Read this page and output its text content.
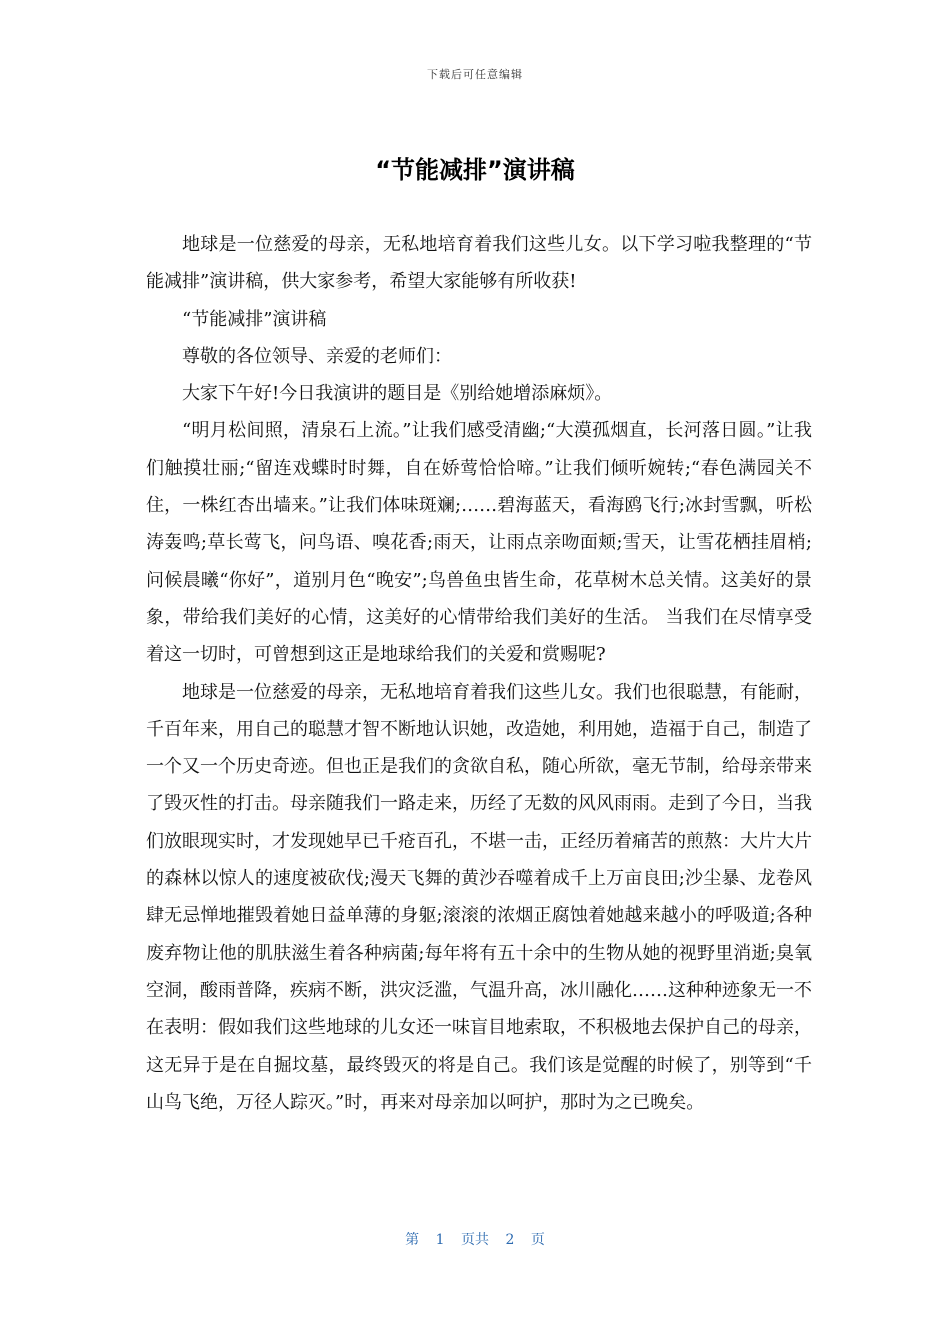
下载后可任意编辑
“节能减排”演讲稿

地球是一位慈爱的母亲，无私地培育着我们这些儿女。以下学习啦我整理的“节能减排”演讲稿，供大家参考，希望大家能够有所收获!

“节能减排”演讲稿

尊敬的各位领导、亲爱的老师们：

大家下午好!今日我演讲的题目是《别给她增添麻烦》。

“明月松间照，清泉石上流。”让我们感受清幽;“大漠孤烟直，长河落日圆。”让我们触摸壮丽;“留连戏蝶时时舞，自在娇莺恰恰啼。”让我们倾听婉转;“春色满园关不住，一株红杏出墙来。”让我们体味斑斓;……碧海蓝天，看海鸥飞行;冰封雪飘，听松涛轰鸣;草长莺飞，问鸟语、嗅花香;雨天，让雨点亲吻面颊;雪天，让雪花栖挂眉梢;问候晨曦“你好”，道别月色“晚安”;鸟兽鱼虫皆生命，花草树木总关情。这美好的景象，带给我们美好的心情，这美好的心情带给我们美好的生活。 当我们在尽情享受着这一切时，可曾想到这正是地球给我们的关爱和赏赐呢?

地球是一位慈爱的母亲，无私地培育着我们这些儿女。我们也很聪慧，有能耐，千百年来，用自己的聪慧才智不断地认识她，改造她，利用她，造福于自己，制造了一个又一个历史奇迹。但也正是我们的贪欲自私，随心所欲，毫无节制，给母亲带来了毁灭性的打击。母亲随我们一路走来，历经了无数的风风雨雨。走到了今日，当我们放眼现实时，才发现她早已千疮百孔，不堪一击，正经历着痛苦的煎熬：大片大片的森林以惊人的速度被砍伐;漫天飞舞的黄沙吞噬着成千上万亩良田;沙尘暴、龙卷风肆无忌惮地摧毁着她日益单薄的身躯;滚滚的浓烟正腐蚀着她越来越小的呼吸道;各种废弃物让他的肌肤滋生着各种病菌;每年将有五十余中的生物从她的视野里消逝;臭氧空洞，酸雨普降，疾病不断，洪灾泛滥，气温升高，冰川融化……这种种迹象无一不在表明：假如我们这些地球的儿女还一味盲目地索取，不积极地去保护自己的母亲，这无异于是在自掘坟墓，最终毁灭的将是自己。我们该是觉醒的时候了，别等到“千山鸟飞绝，万径人踪灭。”时，再来对母亲加以呵护，那时为之已晚矣。

第 1 页共 2 页
